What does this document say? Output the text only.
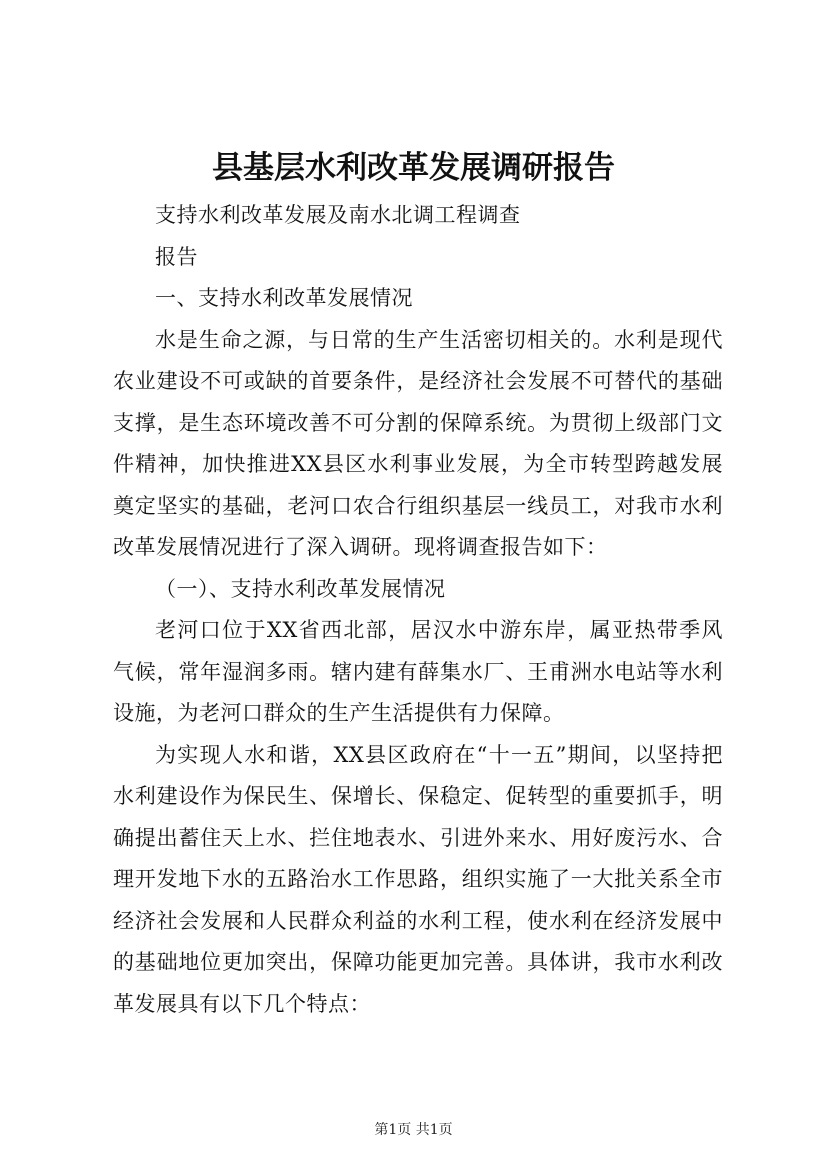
县基层水利改革发展调研报告

支持水利改革发展及南水北调工程调查

报告

一、支持水利改革发展情况

水是生命之源，与日常的生产生活密切相关的。水利是现代农业建设不可或缺的首要条件，是经济社会发展不可替代的基础支撑，是生态环境改善不可分割的保障系统。为贯彻上级部门文件精神，加快推进XX县区水利事业发展，为全市转型跨越发展奠定坚实的基础，老河口农合行组织基层一线员工，对我市水利改革发展情况进行了深入调研。现将调查报告如下：

（一）、支持水利改革发展情况

老河口位于XX省西北部，居汉水中游东岸，属亚热带季风气候，常年湿润多雨。辖内建有薛集水厂、王甫洲水电站等水利设施，为老河口群众的生产生活提供有力保障。

为实现人水和谐，XX县区政府在“十一五”期间，以坚持把水利建设作为保民生、保增长、保稳定、促转型的重要抓手，明确提出蓄住天上水、拦住地表水、引进外来水、用好废污水、合理开发地下水的五路治水工作思路，组织实施了一大批关系全市经济社会发展和人民群众利益的水利工程，使水利在经济发展中的基础地位更加突出，保障功能更加完善。具体讲，我市水利改革发展具有以下几个特点：

第1页 共1页
